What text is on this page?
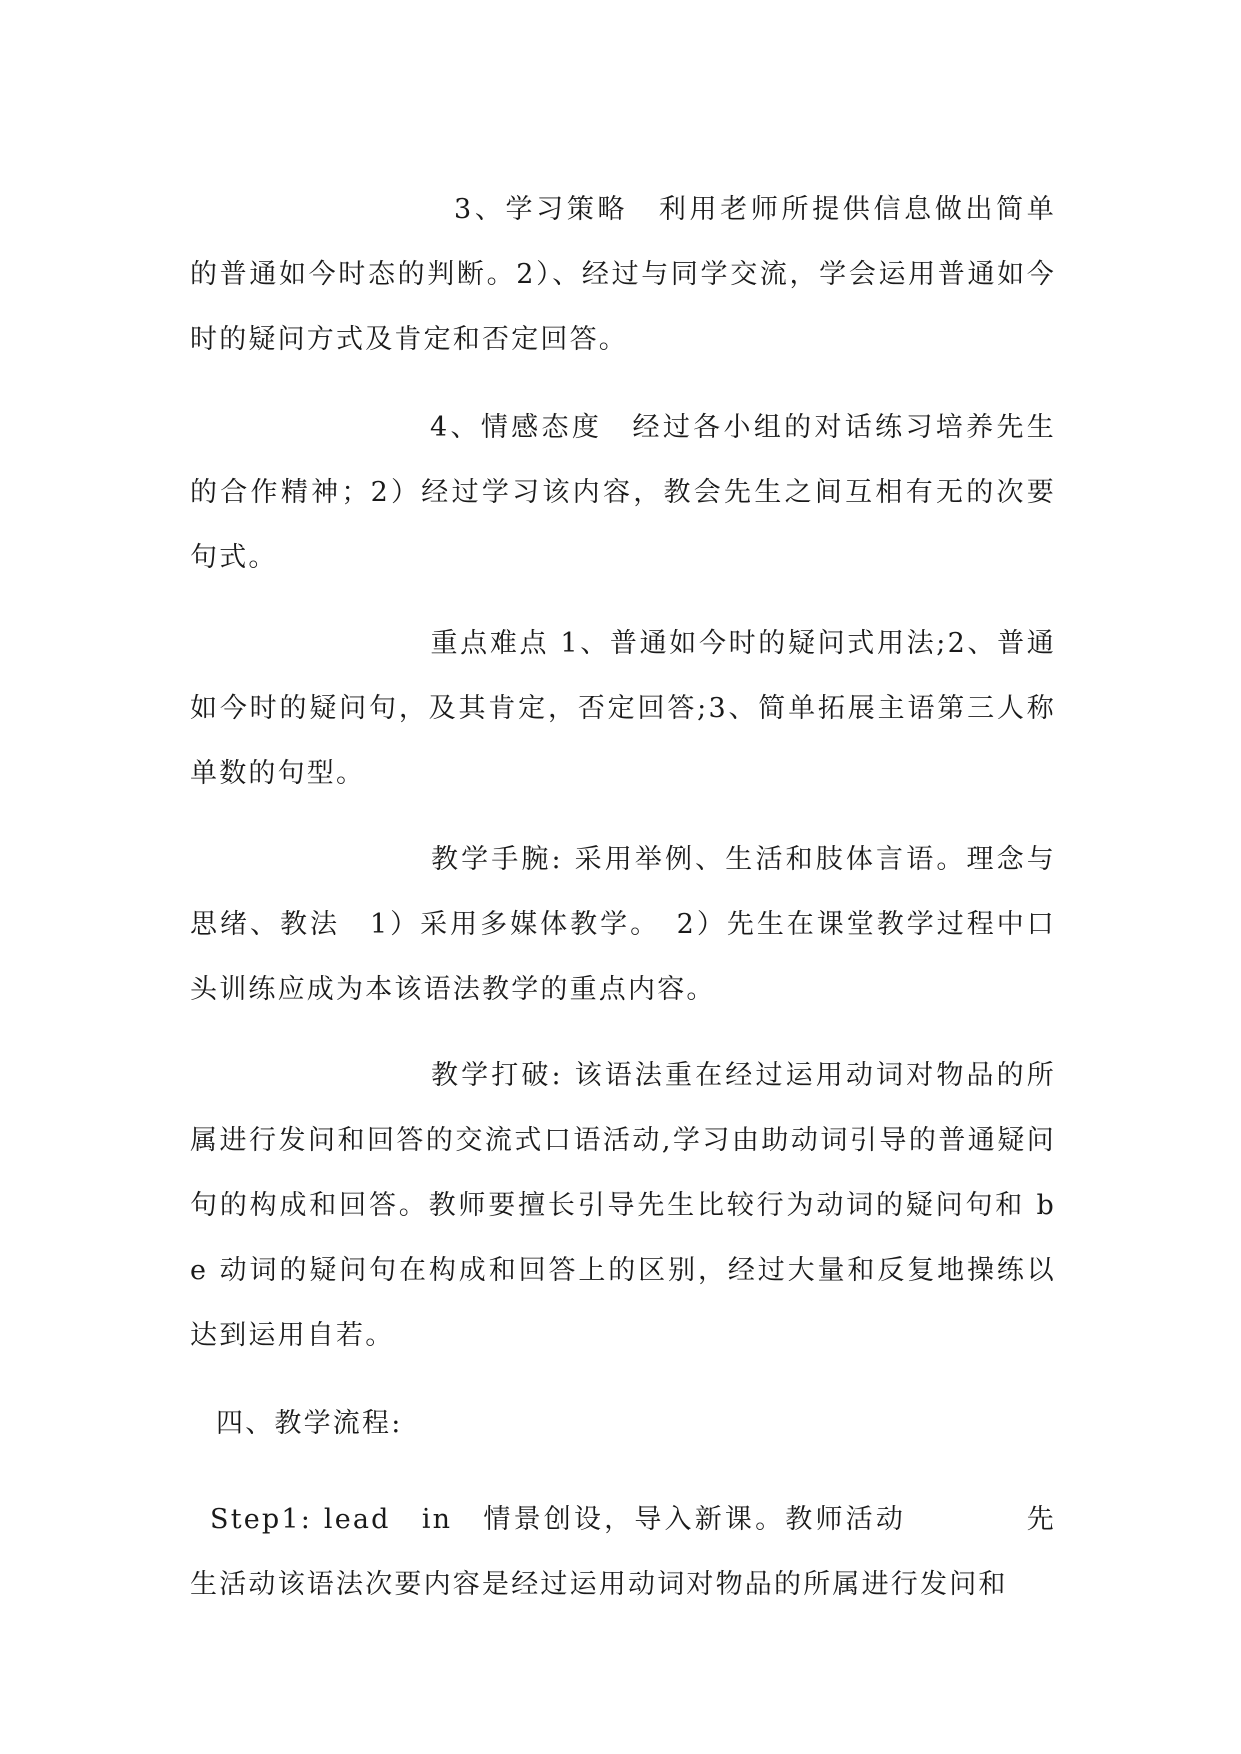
3、学习策略　利用老师所提供信息做出简单的普通如今时态的判断。2）、经过与同学交流，学会运用普通如今时的疑问方式及肯定和否定回答。

4、情感态度　经过各小组的对话练习培养先生的合作精神；2）经过学习该内容，教会先生之间互相有无的次要句式。

重点难点 1、普通如今时的疑问式用法;2、普通如今时的疑问句，及其肯定，否定回答;3、简单拓展主语第三人称单数的句型。

教学手腕: 采用举例、生活和肢体言语。理念与思绪、教法　1）采用多媒体教学。　2）先生在课堂教学过程中口头训练应成为本该语法教学的重点内容。

教学打破: 该语法重在经过运用动词对物品的所属进行发问和回答的交流式口语活动,学习由助动词引导的普通疑问句的构成和回答。教师要擅长引导先生比较行为动词的疑问句和 be 动词的疑问句在构成和回答上的区别，经过大量和反复地操练以达到运用自若。

四、教学流程:

Step1: lead　in　情景创设，导入新课。教师活动　　　　先生活动该语法次要内容是经过运用动词对物品的所属进行发问和
